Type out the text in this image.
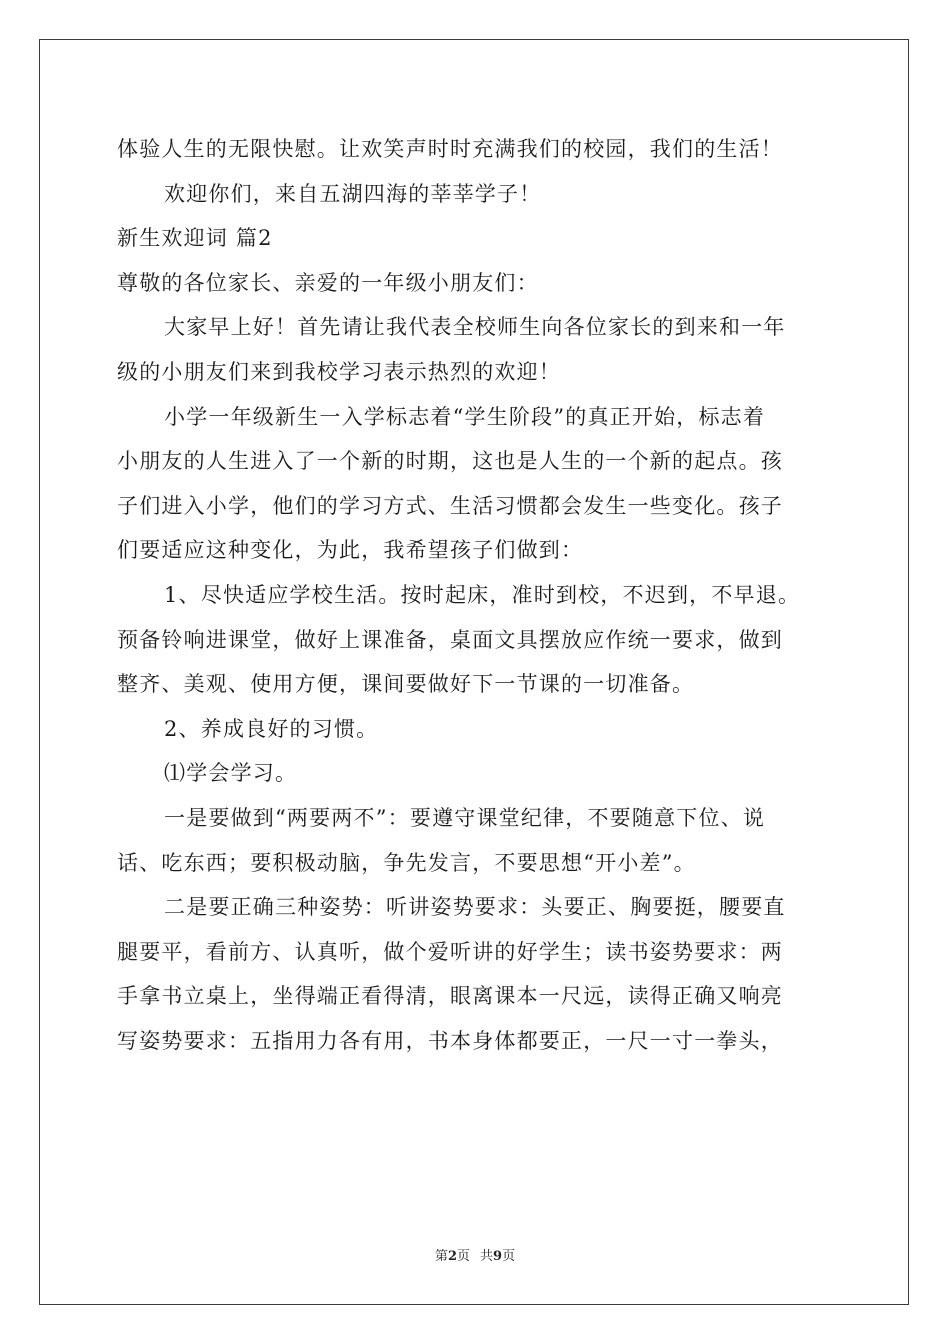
体验人生的无限快慰。让欢笑声时时充满我们的校园，我们的生活！
欢迎你们，来自五湖四海的莘莘学子！
新生欢迎词 篇2
尊敬的各位家长、亲爱的一年级小朋友们：
大家早上好！首先请让我代表全校师生向各位家长的到来和一年
级的小朋友们来到我校学习表示热烈的欢迎！
小学一年级新生一入学标志着“学生阶段”的真正开始，标志着
小朋友的人生进入了一个新的时期，这也是人生的一个新的起点。孩
子们进入小学，他们的学习方式、生活习惯都会发生一些变化。孩子
们要适应这种变化，为此，我希望孩子们做到：
1、尽快适应学校生活。按时起床，准时到校，不迟到，不早退。
预备铃响进课堂，做好上课准备，桌面文具摆放应作统一要求，做到
整齐、美观、使用方便，课间要做好下一节课的一切准备。
2、养成良好的习惯。
⑴学会学习。
一是要做到“两要两不”：要遵守课堂纪律，不要随意下位、说
话、吃东西；要积极动脑，争先发言，不要思想“开小差”。
二是要正确三种姿势：听讲姿势要求：头要正、胸要挺，腰要直
腿要平，看前方、认真听，做个爱听讲的好学生；读书姿势要求：两
手拿书立桌上，坐得端正看得清，眼离课本一尺远，读得正确又响亮
写姿势要求：五指用力各有用，书本身体都要正，一尺一寸一拳头，
第2页 共9页
